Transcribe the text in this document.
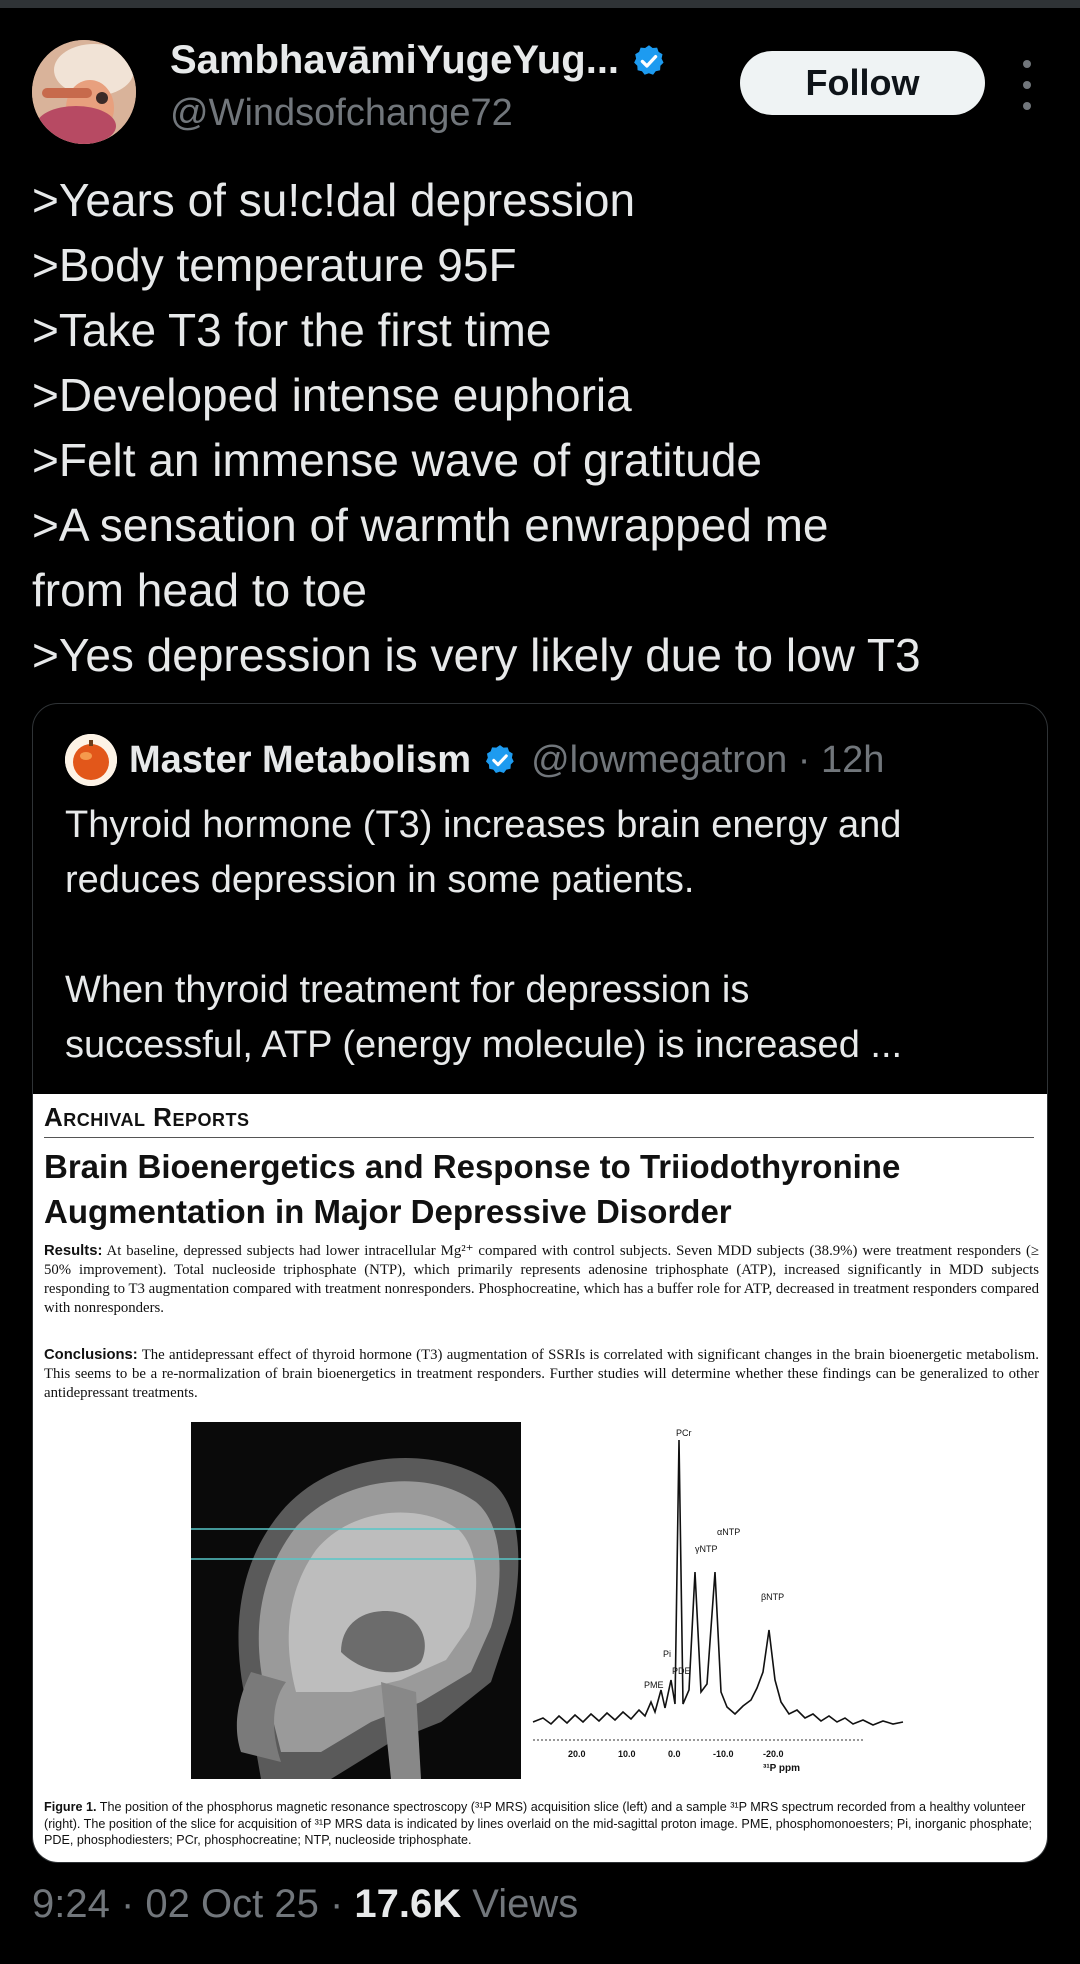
SambhavāmiYugeYug...
@Windsofchange72
Follow
>Years of su!c!dal depression
>Body temperature 95F
>Take T3 for the first time
>Developed intense euphoria
>Felt an immense wave of gratitude
>A sensation of warmth enwrapped me
from head to toe
>Yes depression is very likely due to low T3
Master Metabolism @lowmegatron · 12h
Thyroid hormone (T3) increases brain energy and
reduces depression in some patients.
When thyroid treatment for depression is
successful, ATP (energy molecule) is increased ...
Archival Reports
Brain Bioenergetics and Response to Triiodothyronine
Augmentation in Major Depressive Disorder
Results: At baseline, depressed subjects had lower intracellular Mg²⁺ compared with control subjects. Seven MDD subjects (38.9%) were treatment responders (≥ 50% improvement). Total nucleoside triphosphate (NTP), which primarily represents adenosine triphosphate (ATP), increased significantly in MDD subjects responding to T3 augmentation compared with treatment nonresponders. Phosphocreatine, which has a buffer role for ATP, decreased in treatment responders compared with nonresponders.
Conclusions: The antidepressant effect of thyroid hormone (T3) augmentation of SSRIs is correlated with significant changes in the brain bioenergetic metabolism. This seems to be a re-normalization of brain bioenergetics in treatment responders. Further studies will determine whether these findings can be generalized to other antidepressant treatments.
PCr
αNTP
γNTP
βNTP
Pi
PDE
PME
20.0	10.0	0.0	-10.0	-20.0
³¹P ppm
Figure 1. The position of the phosphorus magnetic resonance spectroscopy (³¹P MRS) acquisition slice (left) and a sample ³¹P MRS spectrum recorded from a healthy volunteer (right). The position of the slice for acquisition of ³¹P MRS data is indicated by lines overlaid on the mid-sagittal proton image. PME, phosphomonoesters; Pi, inorganic phosphate; PDE, phosphodiesters; PCr, phosphocreatine; NTP, nucleoside triphosphate.
9:24 · 02 Oct 25 · 17.6K Views
